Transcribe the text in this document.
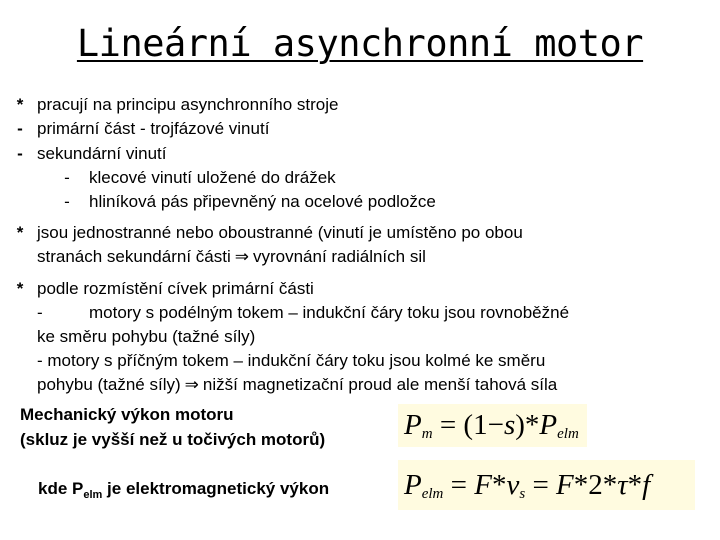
Lineární asynchronní motor
* pracují na principu asynchronního stroje
- primární část - trojfázové vinutí
- sekundární vinutí
- klecové vinutí uložené do drážek
- hliníková pás připevněný na ocelové podložce
* jsou jednostranné nebo oboustranné (vinutí je umístěno po obou
stranách sekundární části ⇒ vyrovnání radiálních sil
* podle rozmístění cívek primární části
-	motory s podélným tokem – indukční čáry toku jsou rovnoběžné
ke směru pohybu (tažné síly)
- motory s příčným tokem – indukční čáry toku jsou kolmé ke směru
pohybu (tažné síly) ⇒ nižší magnetizační proud ale menší tahová síla
Mechanický výkon motoru
(skluz je vyšší než u točivých motorů)
kde $P_{elm}$ je elektromagnetický výkon
$P_m = (1-s)*P_{elm}$
$P_{elm} = F*v_s = F*2*\tau*f$
